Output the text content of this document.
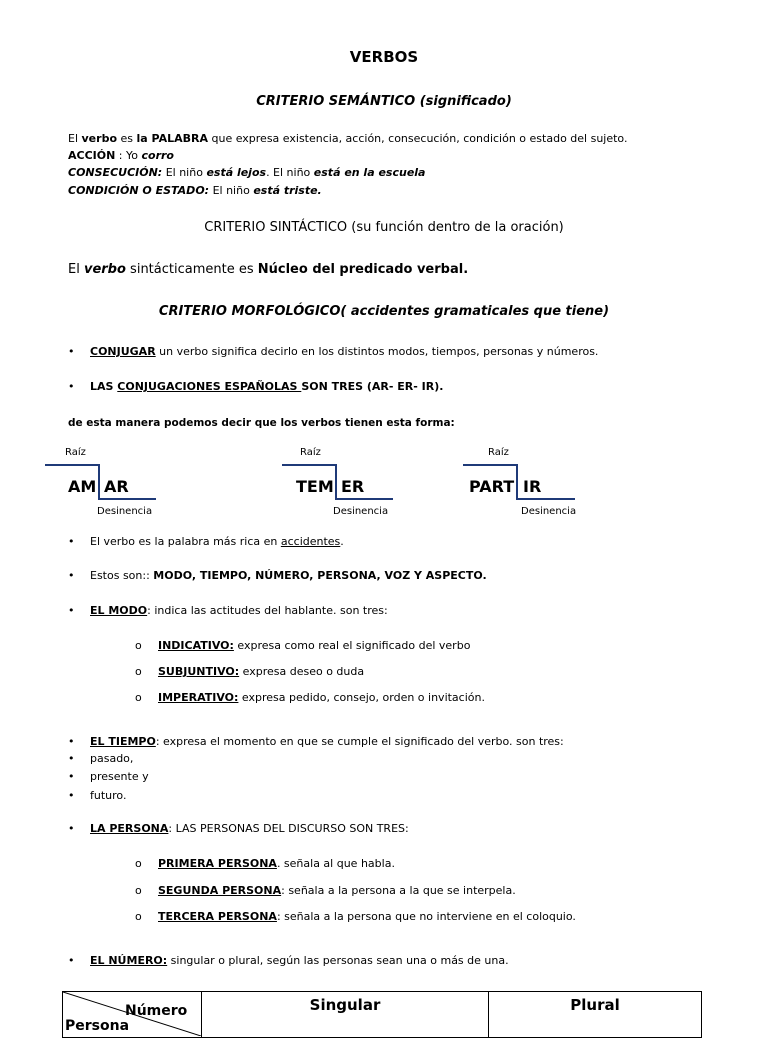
VERBOS
CRITERIO SEMÁNTICO (significado)
El verbo es la PALABRA que expresa existencia, acción, consecución, condición o estado del sujeto.
ACCIÓN : Yo corro
CONSECUCIÓN: El niño está lejos. El niño está en la escuela
CONDICIÓN O ESTADO: El niño está triste.
CRITERIO SINTÁCTICO (su función dentro de la oración)
El verbo sintácticamente es Núcleo del predicado verbal.
CRITERIO MORFOLÓGICO( accidentes gramaticales que tiene)
• CONJUGAR un verbo significa decirlo en los distintos modos, tiempos, personas y números.
• LAS CONJUGACIONES ESPAÑOLAS SON TRES (AR- ER- IR).
de esta manera podemos decir que los verbos tienen esta forma:
Raíz
AM AR
Desinencia
Raíz
TEM ER
Desinencia
Raíz
PART IR
Desinencia
• El verbo es la palabra más rica en accidentes.
• Estos son:: MODO, TIEMPO, NÚMERO, PERSONA, VOZ Y ASPECTO.
• EL MODO: indica las actitudes del hablante. son tres:
o INDICATIVO: expresa como real el significado del verbo
o SUBJUNTIVO: expresa deseo o duda
o IMPERATIVO: expresa pedido, consejo, orden o invitación.
• EL TIEMPO: expresa el momento en que se cumple el significado del verbo. son tres:
• pasado,
• presente y
• futuro.
• LA PERSONA: LAS PERSONAS DEL DISCURSO SON TRES:
o PRIMERA PERSONA. señala al que habla.
o SEGUNDA PERSONA: señala a la persona a la que se interpela.
o TERCERA PERSONA: señala a la persona que no interviene en el coloquio.
• EL NÚMERO: singular o plural, según las personas sean una o más de una.
Número
Persona
	Singular	Plural
